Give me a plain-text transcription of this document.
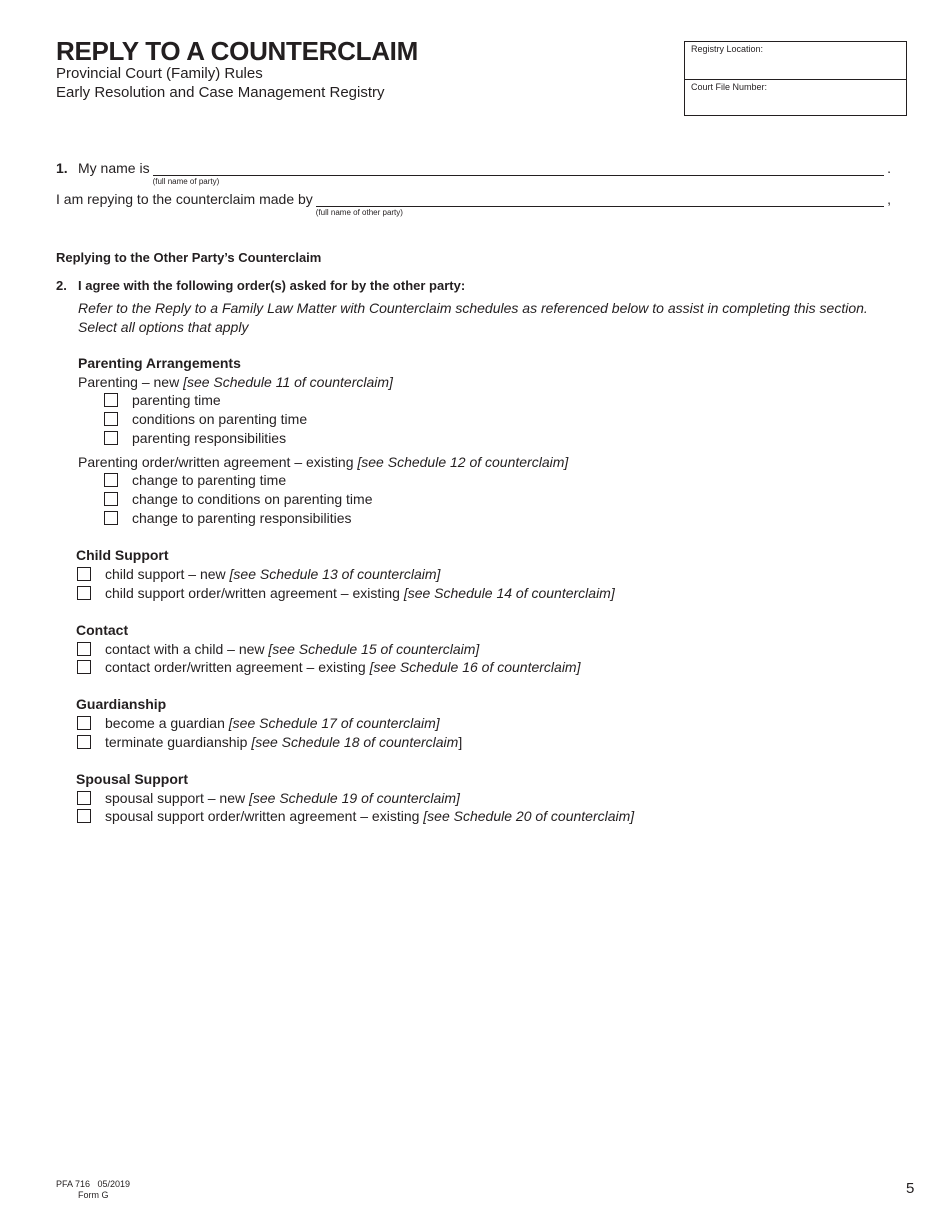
REPLY TO A COUNTERCLAIM
Provincial Court (Family) Rules
Early Resolution and Case Management Registry
Registry Location:
Court File Number:
1. My name is
(full name of party)
.
I am repying to the counterclaim made by
(full name of other party)
,
Replying to the Other Party’s Counterclaim
2. I agree with the following order(s) asked for by the other party:
Refer to the Reply to a Family Law Matter with Counterclaim schedules as referenced below to assist in completing this section.
Select all options that apply
Parenting Arrangements
Parenting – new [see Schedule 11 of counterclaim]
parenting time
conditions on parenting time
parenting responsibilities
Parenting order/written agreement – existing [see Schedule 12 of counterclaim]
change to parenting time
change to conditions on parenting time
change to parenting responsibilities
Child Support
child support – new [see Schedule 13 of counterclaim]
child support order/written agreement – existing [see Schedule 14 of counterclaim]
Contact
contact with a child – new [see Schedule 15 of counterclaim]
contact order/written agreement – existing [see Schedule 16 of counterclaim]
Guardianship
become a guardian [see Schedule 17 of counterclaim]
terminate guardianship [see Schedule 18 of counterclaim]
Spousal Support
spousal support – new [see Schedule 19 of counterclaim]
spousal support order/written agreement – existing [see Schedule 20 of counterclaim]
PFA 716   05/2019
Form G	5
